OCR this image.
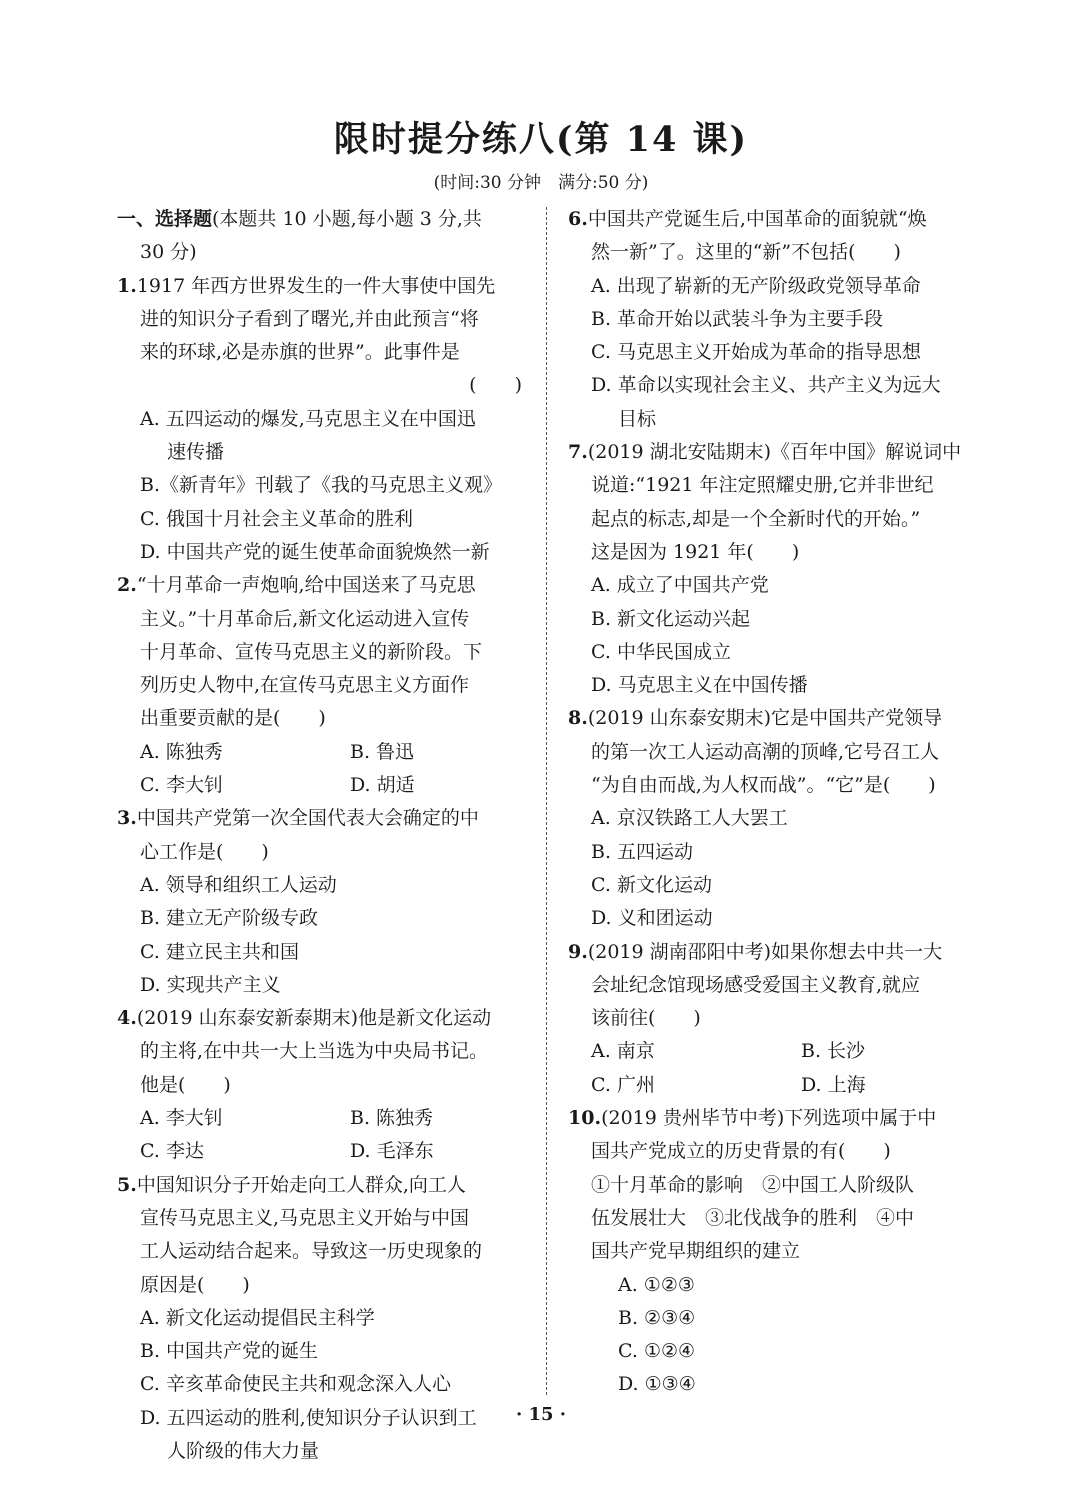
限时提分练八(第 14 课)
(时间:30 分钟　满分:50 分)
一、选择题(本题共 10 小题,每小题 3 分,共
30 分)
1.1917 年西方世界发生的一件大事使中国先
进的知识分子看到了曙光,并由此预言“将
来的环球,必是赤旗的世界”。此事件是
(　　)
A. 五四运动的爆发,马克思主义在中国迅
速传播
B.《新青年》刊载了《我的马克思主义观》
C. 俄国十月社会主义革命的胜利
D. 中国共产党的诞生使革命面貌焕然一新
2.“十月革命一声炮响,给中国送来了马克思
主义。”十月革命后,新文化运动进入宣传
十月革命、宣传马克思主义的新阶段。下
列历史人物中,在宣传马克思主义方面作
出重要贡献的是(　　)
A. 陈独秀	B. 鲁迅
C. 李大钊	D. 胡适
3.中国共产党第一次全国代表大会确定的中
心工作是(　　)
A. 领导和组织工人运动
B. 建立无产阶级专政
C. 建立民主共和国
D. 实现共产主义
4.(2019 山东泰安新泰期末)他是新文化运动
的主将,在中共一大上当选为中央局书记。
他是(　　)
A. 李大钊	B. 陈独秀
C. 李达	D. 毛泽东
5.中国知识分子开始走向工人群众,向工人
宣传马克思主义,马克思主义开始与中国
工人运动结合起来。导致这一历史现象的
原因是(　　)
A. 新文化运动提倡民主科学
B. 中国共产党的诞生
C. 辛亥革命使民主共和观念深入人心
D. 五四运动的胜利,使知识分子认识到工
人阶级的伟大力量
6.中国共产党诞生后,中国革命的面貌就“焕
然一新”了。这里的“新”不包括(　　)
A. 出现了崭新的无产阶级政党领导革命
B. 革命开始以武装斗争为主要手段
C. 马克思主义开始成为革命的指导思想
D. 革命以实现社会主义、共产主义为远大
目标
7.(2019 湖北安陆期末)《百年中国》解说词中
说道:“1921 年注定照耀史册,它并非世纪
起点的标志,却是一个全新时代的开始。”
这是因为 1921 年(　　)
A. 成立了中国共产党
B. 新文化运动兴起
C. 中华民国成立
D. 马克思主义在中国传播
8.(2019 山东泰安期末)它是中国共产党领导
的第一次工人运动高潮的顶峰,它号召工人
“为自由而战,为人权而战”。“它”是(　　)
A. 京汉铁路工人大罢工
B. 五四运动
C. 新文化运动
D. 义和团运动
9.(2019 湖南邵阳中考)如果你想去中共一大
会址纪念馆现场感受爱国主义教育,就应
该前往(　　)
A. 南京	B. 长沙
C. 广州	D. 上海
10.(2019 贵州毕节中考)下列选项中属于中
国共产党成立的历史背景的有(　　)
①十月革命的影响　②中国工人阶级队
伍发展壮大　③北伐战争的胜利　④中
国共产党早期组织的建立
A. ①②③
B. ②③④
C. ①②④
D. ①③④
· 15 ·
